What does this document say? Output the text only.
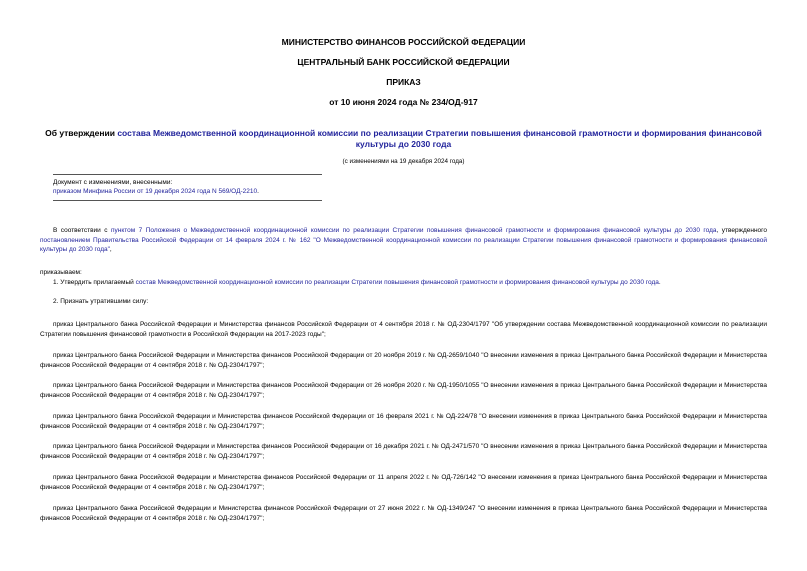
МИНИСТЕРСТВО ФИНАНСОВ РОССИЙСКОЙ ФЕДЕРАЦИИ
ЦЕНТРАЛЬНЫЙ БАНК РОССИЙСКОЙ ФЕДЕРАЦИИ
ПРИКАЗ
от 10 июня 2024 года № 234/ОД-917
Об утверждении состава Межведомственной координационной комиссии по реализации Стратегии повышения финансовой грамотности и формирования финансовой культуры до 2030 года
(с изменениями на 19 декабря 2024 года)
Документ с изменениями, внесенными:
приказом Минфина России от 19 декабря 2024 года N 569/ОД-2210.
В соответствии с пунктом 7 Положения о Межведомственной координационной комиссии по реализации Стратегии повышения финансовой грамотности и формирования финансовой культуры до 2030 года, утвержденного постановлением Правительства Российской Федерации от 14 февраля 2024 г. № 162 "О Межведомственной координационной комиссии по реализации Стратегии повышения финансовой грамотности и формирования финансовой культуры до 2030 года",
приказываем:
1. Утвердить прилагаемый состав Межведомственной координационной комиссии по реализации Стратегии повышения финансовой грамотности и формирования финансовой культуры до 2030 года.
2. Признать утратившими силу:
приказ Центрального банка Российской Федерации и Министерства финансов Российской Федерации от 4 сентября 2018 г. № ОД-2304/1797 "Об утверждении состава Межведомственной координационной комиссии по реализации Стратегии повышения финансовой грамотности в Российской Федерации на 2017-2023 годы";
приказ Центрального банка Российской Федерации и Министерства финансов Российской Федерации от 20 ноября 2019 г. № ОД-2659/1040 "О внесении изменения в приказ Центрального банка Российской Федерации и Министерства финансов Российской Федерации от 4 сентября 2018 г. № ОД-2304/1797";
приказ Центрального банка Российской Федерации и Министерства финансов Российской Федерации от 26 ноября 2020 г. № ОД-1950/1055 "О внесении изменения в приказ Центрального банка Российской Федерации и Министерства финансов Российской Федерации от 4 сентября 2018 г. № ОД-2304/1797";
приказ Центрального банка Российской Федерации и Министерства финансов Российской Федерации от 16 февраля 2021 г. № ОД-224/78 "О внесении изменения в приказ Центрального банка Российской Федерации и Министерства финансов Российской Федерации от 4 сентября 2018 г. № ОД-2304/1797";
приказ Центрального банка Российской Федерации и Министерства финансов Российской Федерации от 16 декабря 2021 г. № ОД-2471/570 "О внесении изменения в приказ Центрального банка Российской Федерации и Министерства финансов Российской Федерации от 4 сентября 2018 г. № ОД-2304/1797";
приказ Центрального банка Российской Федерации и Министерства финансов Российской Федерации от 11 апреля 2022 г. № ОД-726/142 "О внесении изменения в приказ Центрального банка Российской Федерации и Министерства финансов Российской Федерации от 4 сентября 2018 г. № ОД-2304/1797";
приказ Центрального банка Российской Федерации и Министерства финансов Российской Федерации от 27 июня 2022 г. № ОД-1349/247 "О внесении изменения в приказ Центрального банка Российской Федерации и Министерства финансов Российской Федерации от 4 сентября 2018 г. № ОД-2304/1797";
